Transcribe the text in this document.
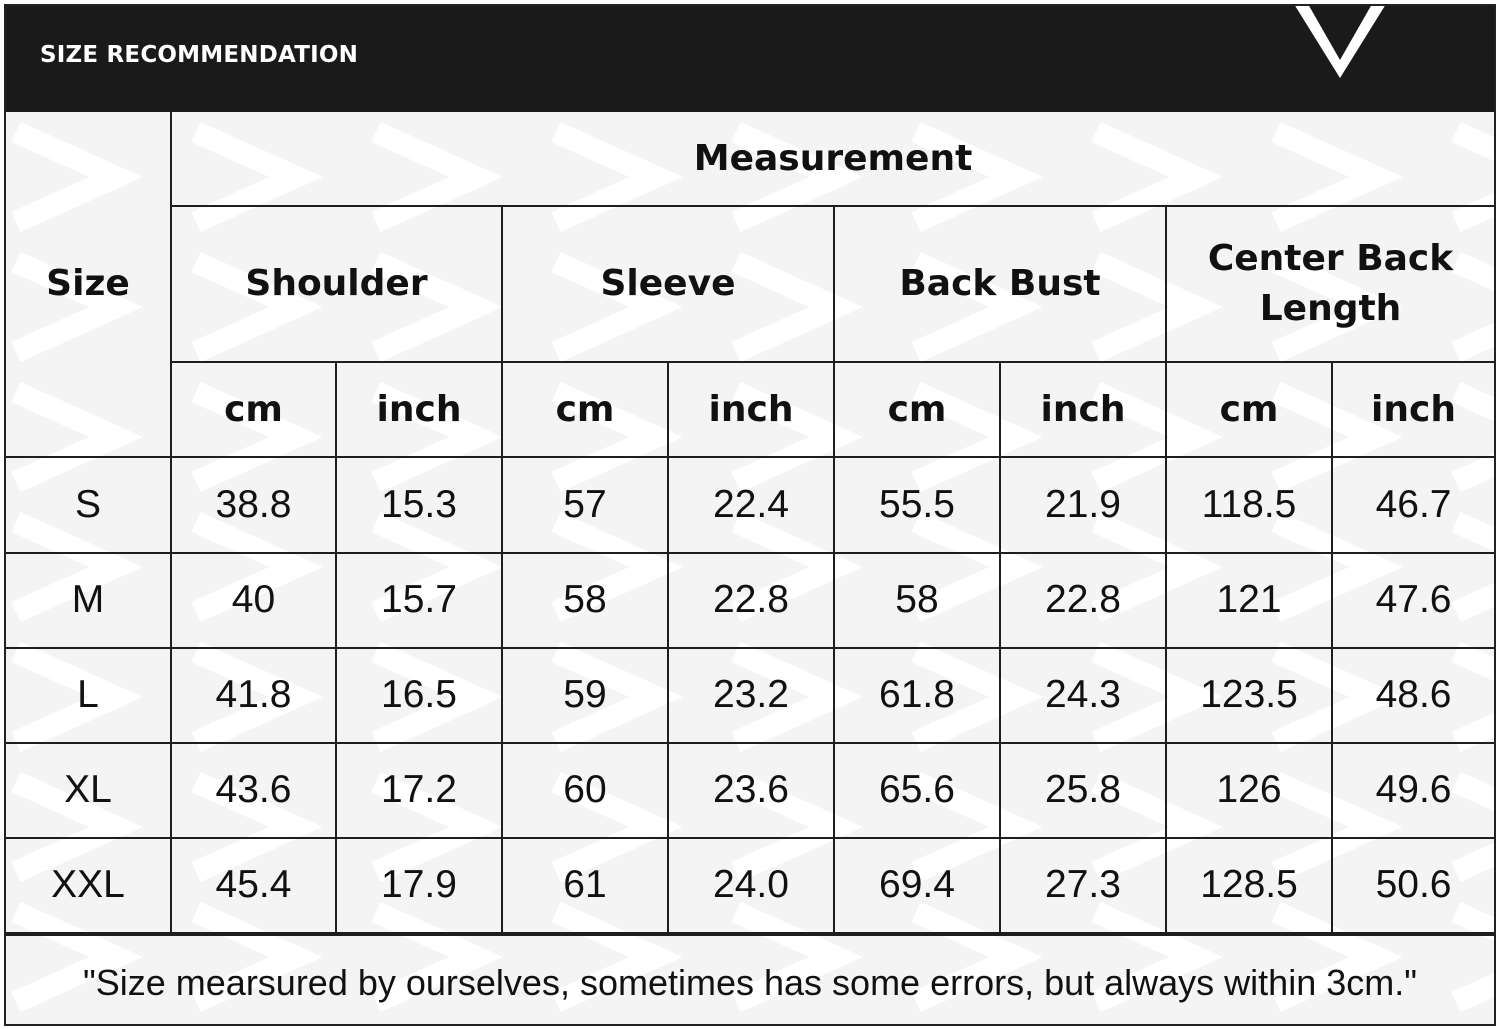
SIZE RECOMMENDATION
Size	Measurement							
	Shoulder		Sleeve		Back Bust		Center Back
Length	
	cm	inch	cm	inch	cm	inch	cm	inch
S	38.8	15.3	57	22.4	55.5	21.9	118.5	46.7
M	40	15.7	58	22.8	58	22.8	121	47.6
L	41.8	16.5	59	23.2	61.8	24.3	123.5	48.6
XL	43.6	17.2	60	23.6	65.6	25.8	126	49.6
XXL	45.4	17.9	61	24.0	69.4	27.3	128.5	50.6
"Size mearsured by ourselves, sometimes has some errors, but always within 3cm."
